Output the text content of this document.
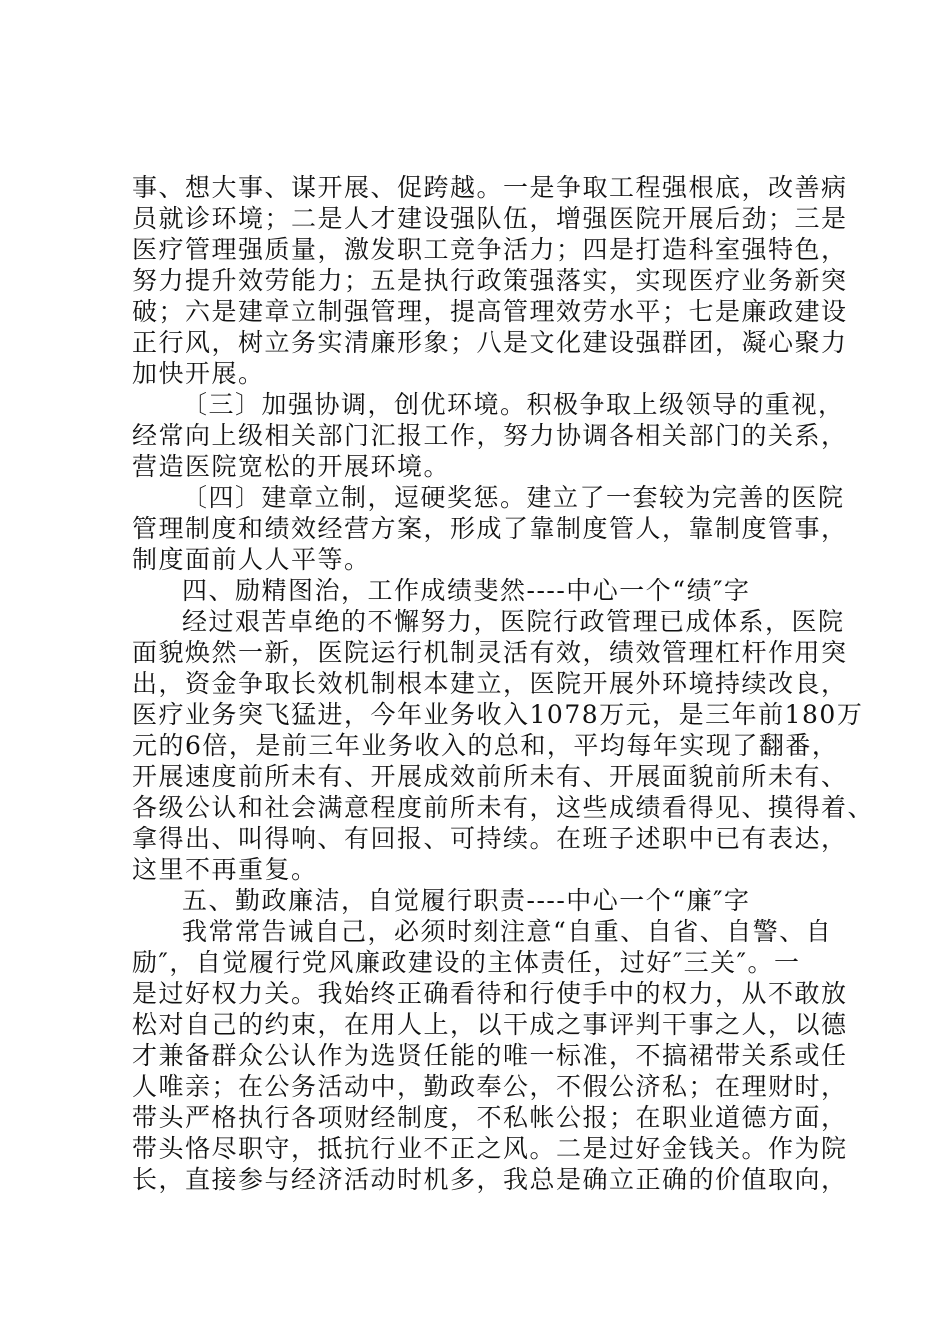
事、想大事、谋开展、促跨越。一是争取工程强根底，改善病
员就诊环境；二是人才建设强队伍，增强医院开展后劲；三是
医疗管理强质量，激发职工竞争活力；四是打造科室强特色，
努力提升效劳能力；五是执行政策强落实，实现医疗业务新突
破；六是建章立制强管理，提高管理效劳水平；七是廉政建设
正行风，树立务实清廉形象；八是文化建设强群团，凝心聚力
加快开展。
〔三〕加强协调，创优环境。积极争取上级领导的重视，
经常向上级相关部门汇报工作，努力协调各相关部门的关系，
营造医院宽松的开展环境。
〔四〕建章立制，逗硬奖惩。建立了一套较为完善的医院
管理制度和绩效经营方案，形成了靠制度管人，靠制度管事，
制度面前人人平等。
四、励精图治，工作成绩斐然----中心一个“绩″字
经过艰苦卓绝的不懈努力，医院行政管理已成体系，医院
面貌焕然一新，医院运行机制灵活有效，绩效管理杠杆作用突
出，资金争取长效机制根本建立，医院开展外环境持续改良，
医疗业务突飞猛进，今年业务收入1078万元，是三年前180万
元的6倍，是前三年业务收入的总和，平均每年实现了翻番，
开展速度前所未有、开展成效前所未有、开展面貌前所未有、
各级公认和社会满意程度前所未有，这些成绩看得见、摸得着、
拿得出、叫得响、有回报、可持续。在班子述职中已有表达，
这里不再重复。
五、勤政廉洁，自觉履行职责----中心一个“廉″字
我常常告诫自己，必须时刻注意“自重、自省、自警、自
励″，自觉履行党风廉政建设的主体责任，过好″三关″。一
是过好权力关。我始终正确看待和行使手中的权力，从不敢放
松对自己的约束，在用人上，以干成之事评判干事之人，以德
才兼备群众公认作为选贤任能的唯一标准，不搞裙带关系或任
人唯亲；在公务活动中，勤政奉公，不假公济私；在理财时，
带头严格执行各项财经制度，不私帐公报；在职业道德方面，
带头恪尽职守，抵抗行业不正之风。二是过好金钱关。作为院
长，直接参与经济活动时机多，我总是确立正确的价值取向，
